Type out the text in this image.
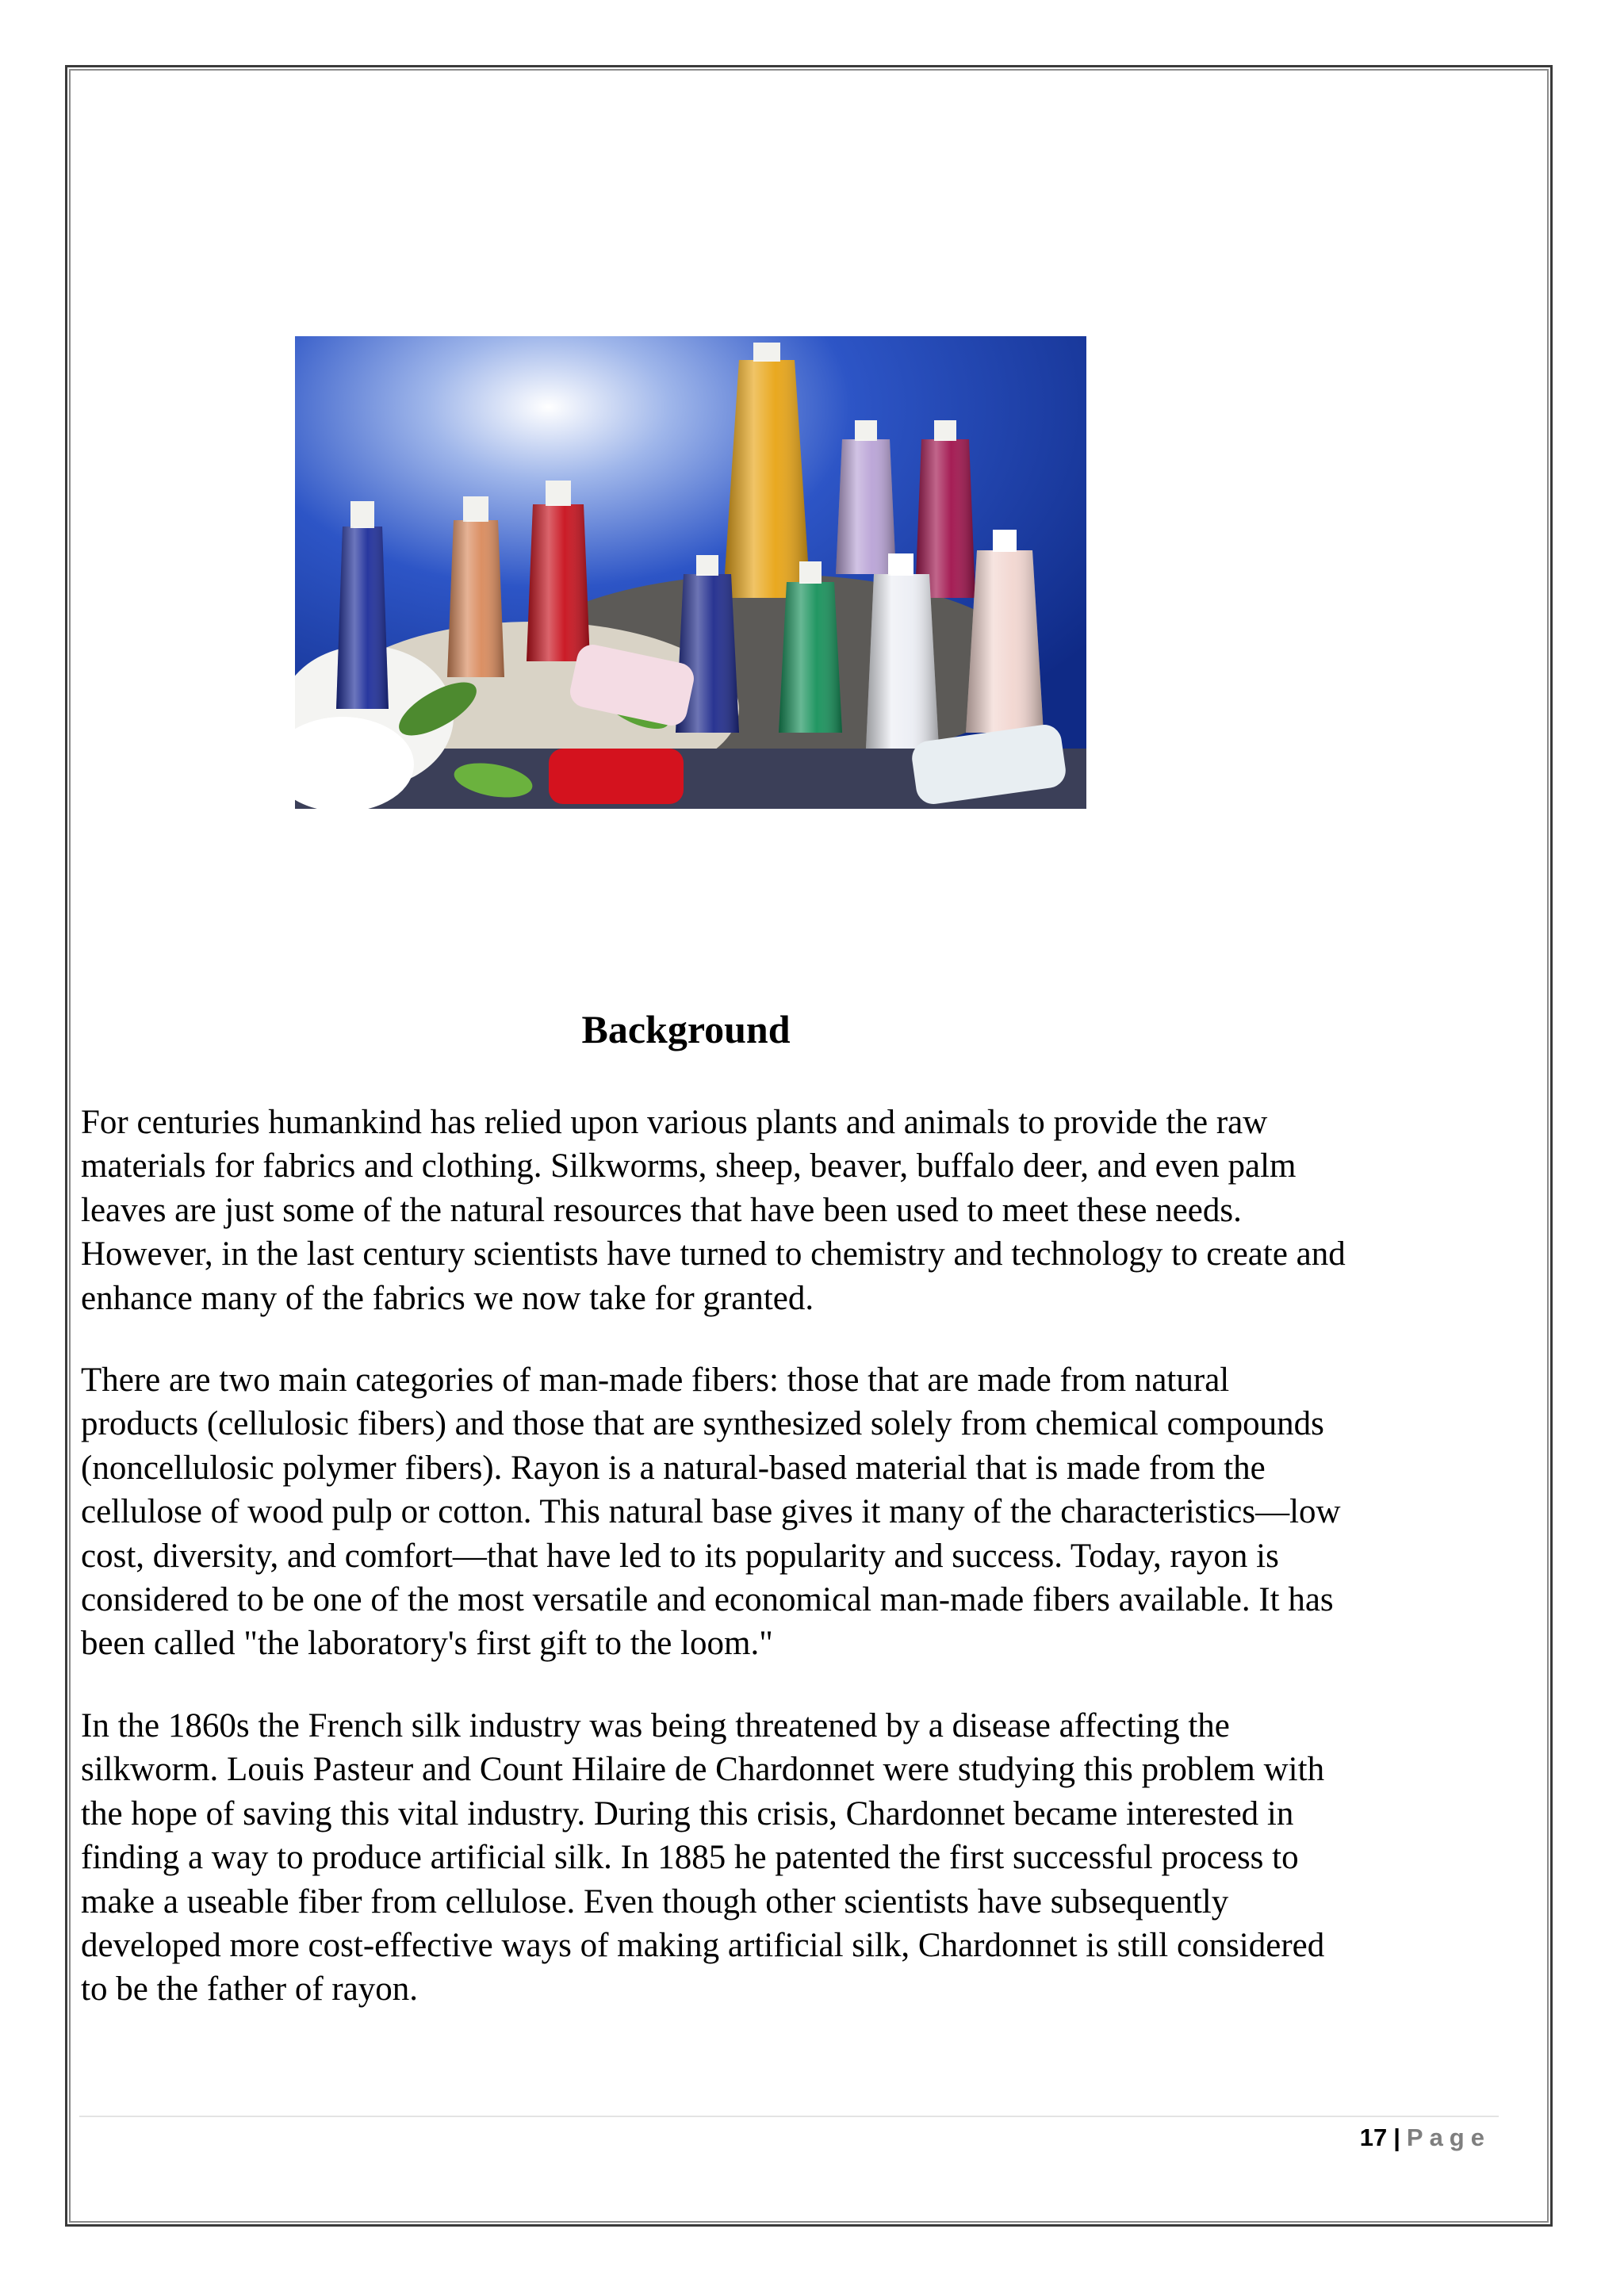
Background

For centuries humankind has relied upon various plants and animals to provide the raw
materials for fabrics and clothing. Silkworms, sheep, beaver, buffalo deer, and even palm
leaves are just some of the natural resources that have been used to meet these needs.
However, in the last century scientists have turned to chemistry and technology to create and
enhance many of the fabrics we now take for granted.

There are two main categories of man-made fibers: those that are made from natural
products (cellulosic fibers) and those that are synthesized solely from chemical compounds
(noncellulosic polymer fibers). Rayon is a natural-based material that is made from the
cellulose of wood pulp or cotton. This natural base gives it many of the characteristics—low
cost, diversity, and comfort—that have led to its popularity and success. Today, rayon is
considered to be one of the most versatile and economical man-made fibers available. It has
been called "the laboratory's first gift to the loom."

In the 1860s the French silk industry was being threatened by a disease affecting the
silkworm. Louis Pasteur and Count Hilaire de Chardonnet were studying this problem with
the hope of saving this vital industry. During this crisis, Chardonnet became interested in
finding a way to produce artificial silk. In 1885 he patented the first successful process to
make a useable fiber from cellulose. Even though other scientists have subsequently
developed more cost-effective ways of making artificial silk, Chardonnet is still considered
to be the father of rayon.

17 | Page
